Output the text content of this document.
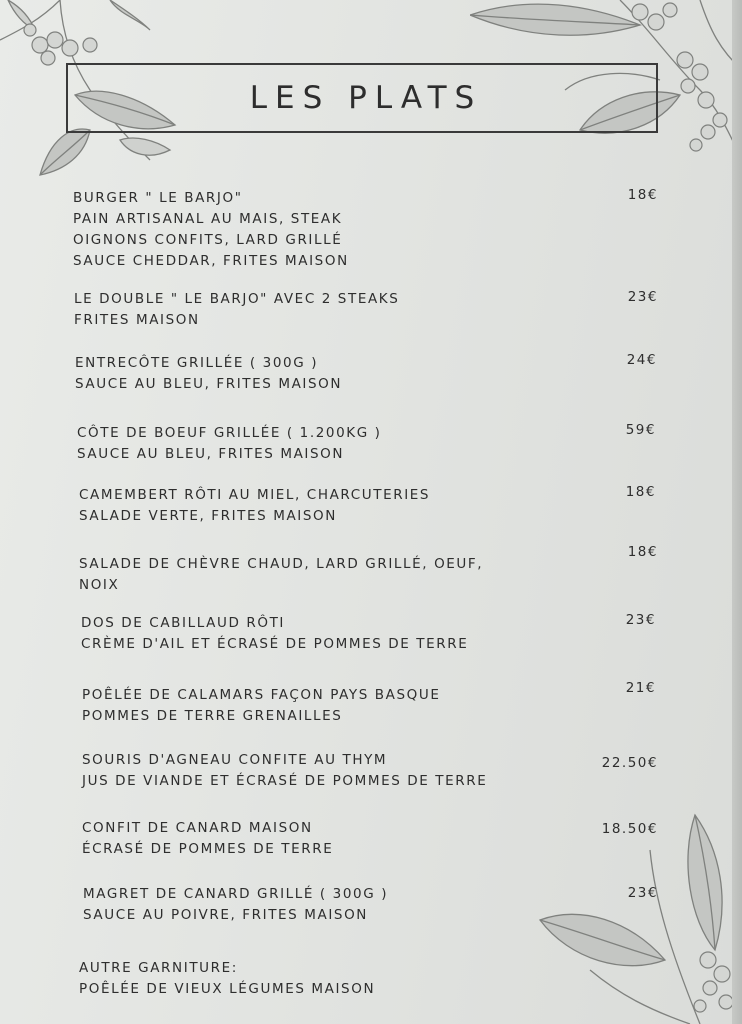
LES PLATS
BURGER " LE BARJO"
PAIN ARTISANAL AU MAIS, STEAK
OIGNONS CONFITS, LARD GRILLÉ
SAUCE CHEDDAR, FRITES MAISON
18€
LE DOUBLE " LE BARJO" AVEC 2 STEAKS
FRITES MAISON
23€
ENTRECÔTE GRILLÉE ( 300G )
SAUCE AU BLEU, FRITES MAISON
24€
CÔTE DE BOEUF GRILLÉE ( 1.200KG )
SAUCE AU BLEU, FRITES MAISON
59€
CAMEMBERT RÔTI AU MIEL, CHARCUTERIES
SALADE VERTE, FRITES MAISON
18€
SALADE DE CHÈVRE CHAUD, LARD GRILLÉ, OEUF,
NOIX
18€
DOS DE CABILLAUD RÔTI
CRÈME D'AIL ET ÉCRASÉ DE POMMES DE TERRE
23€
POÊLÉE DE CALAMARS FAÇON PAYS BASQUE
POMMES DE TERRE GRENAILLES
21€
SOURIS D'AGNEAU CONFITE AU THYM
JUS DE VIANDE ET ÉCRASÉ DE POMMES DE TERRE
22.50€
CONFIT DE CANARD MAISON
ÉCRASÉ DE POMMES DE TERRE
18.50€
MAGRET DE CANARD GRILLÉ ( 300G )
SAUCE AU POIVRE, FRITES MAISON
23€
AUTRE GARNITURE:
POÊLÉE DE VIEUX LÉGUMES MAISON
